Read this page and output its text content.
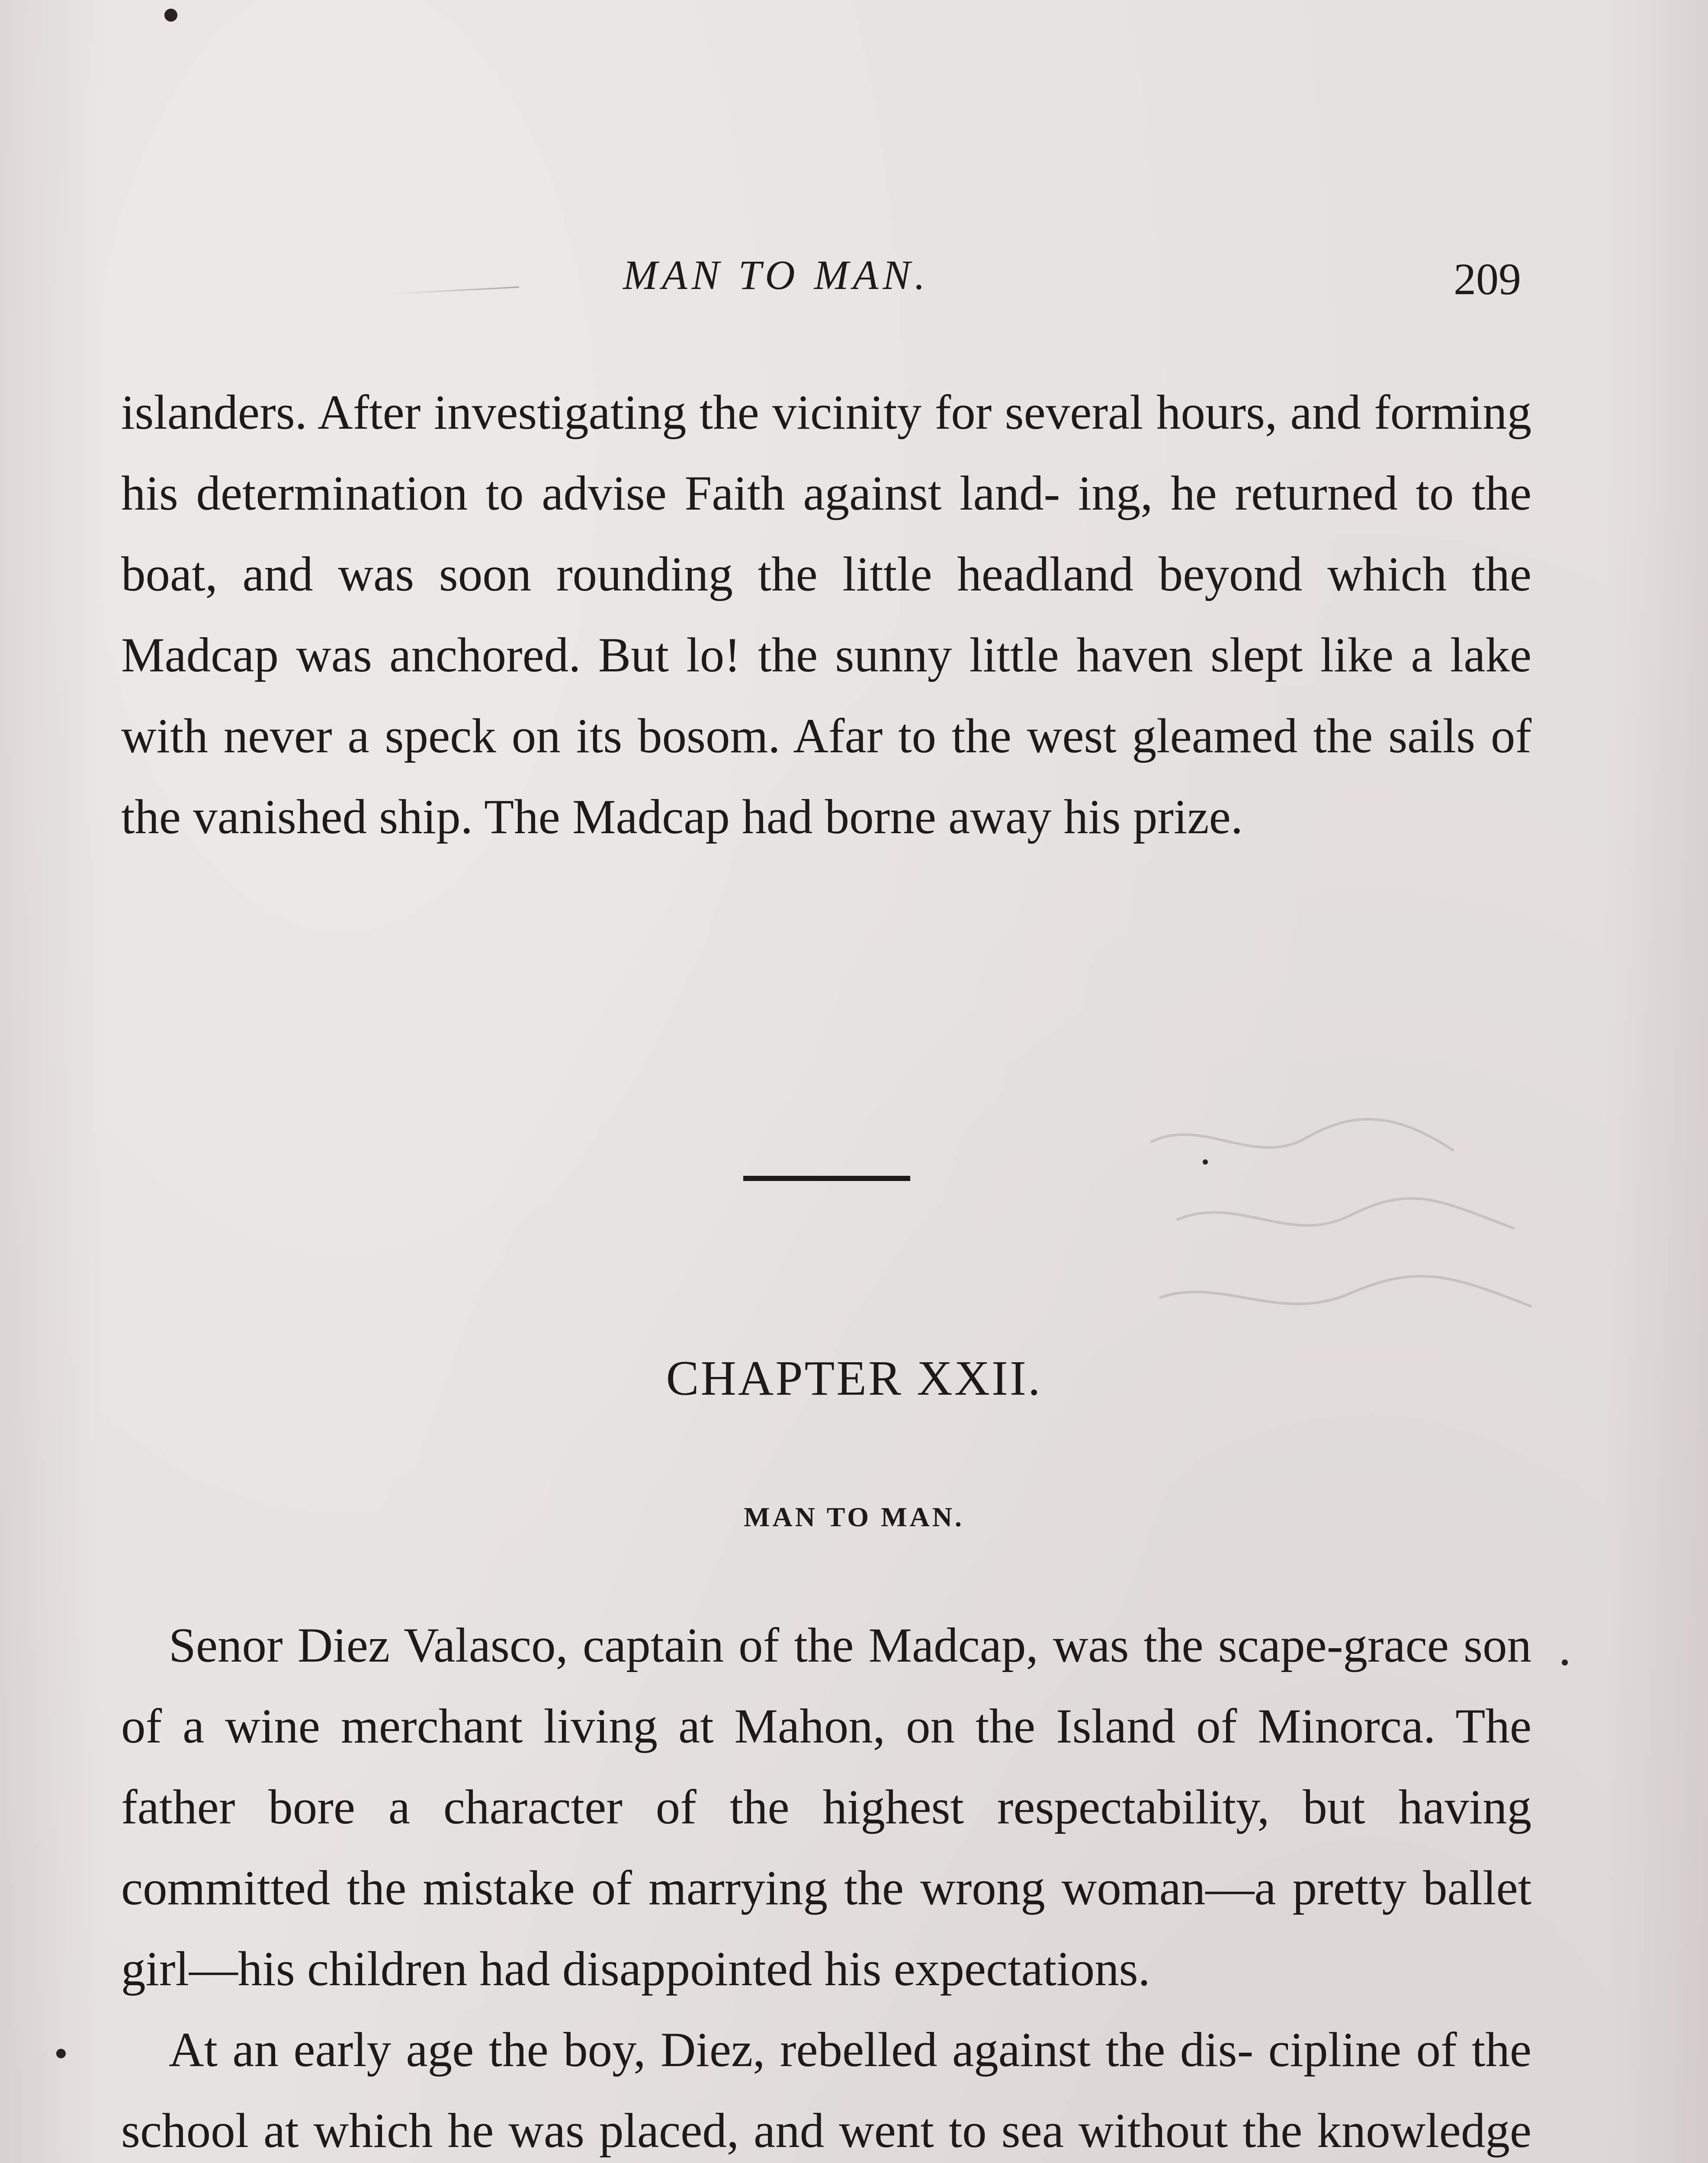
MAN TO MAN.	209

islanders. After investigating the vicinity for several hours, and forming his determination to advise Faith against land- ing, he returned to the boat, and was soon rounding the little headland beyond which the Madcap was anchored. But lo! the sunny little haven slept like a lake with never a speck on its bosom. Afar to the west gleamed the sails of the vanished ship. The Madcap had borne away his prize.

CHAPTER XXII.
MAN TO MAN.

Senor Diez Valasco, captain of the Madcap, was the scape-grace son of a wine merchant living at Mahon, on the Island of Minorca. The father bore a character of the highest respectability, but having committed the mistake of marrying the wrong woman—a pretty ballet girl—his children had disappointed his expectations.

At an early age the boy, Diez, rebelled against the dis- cipline of the school at which he was placed, and went to sea without the knowledge
